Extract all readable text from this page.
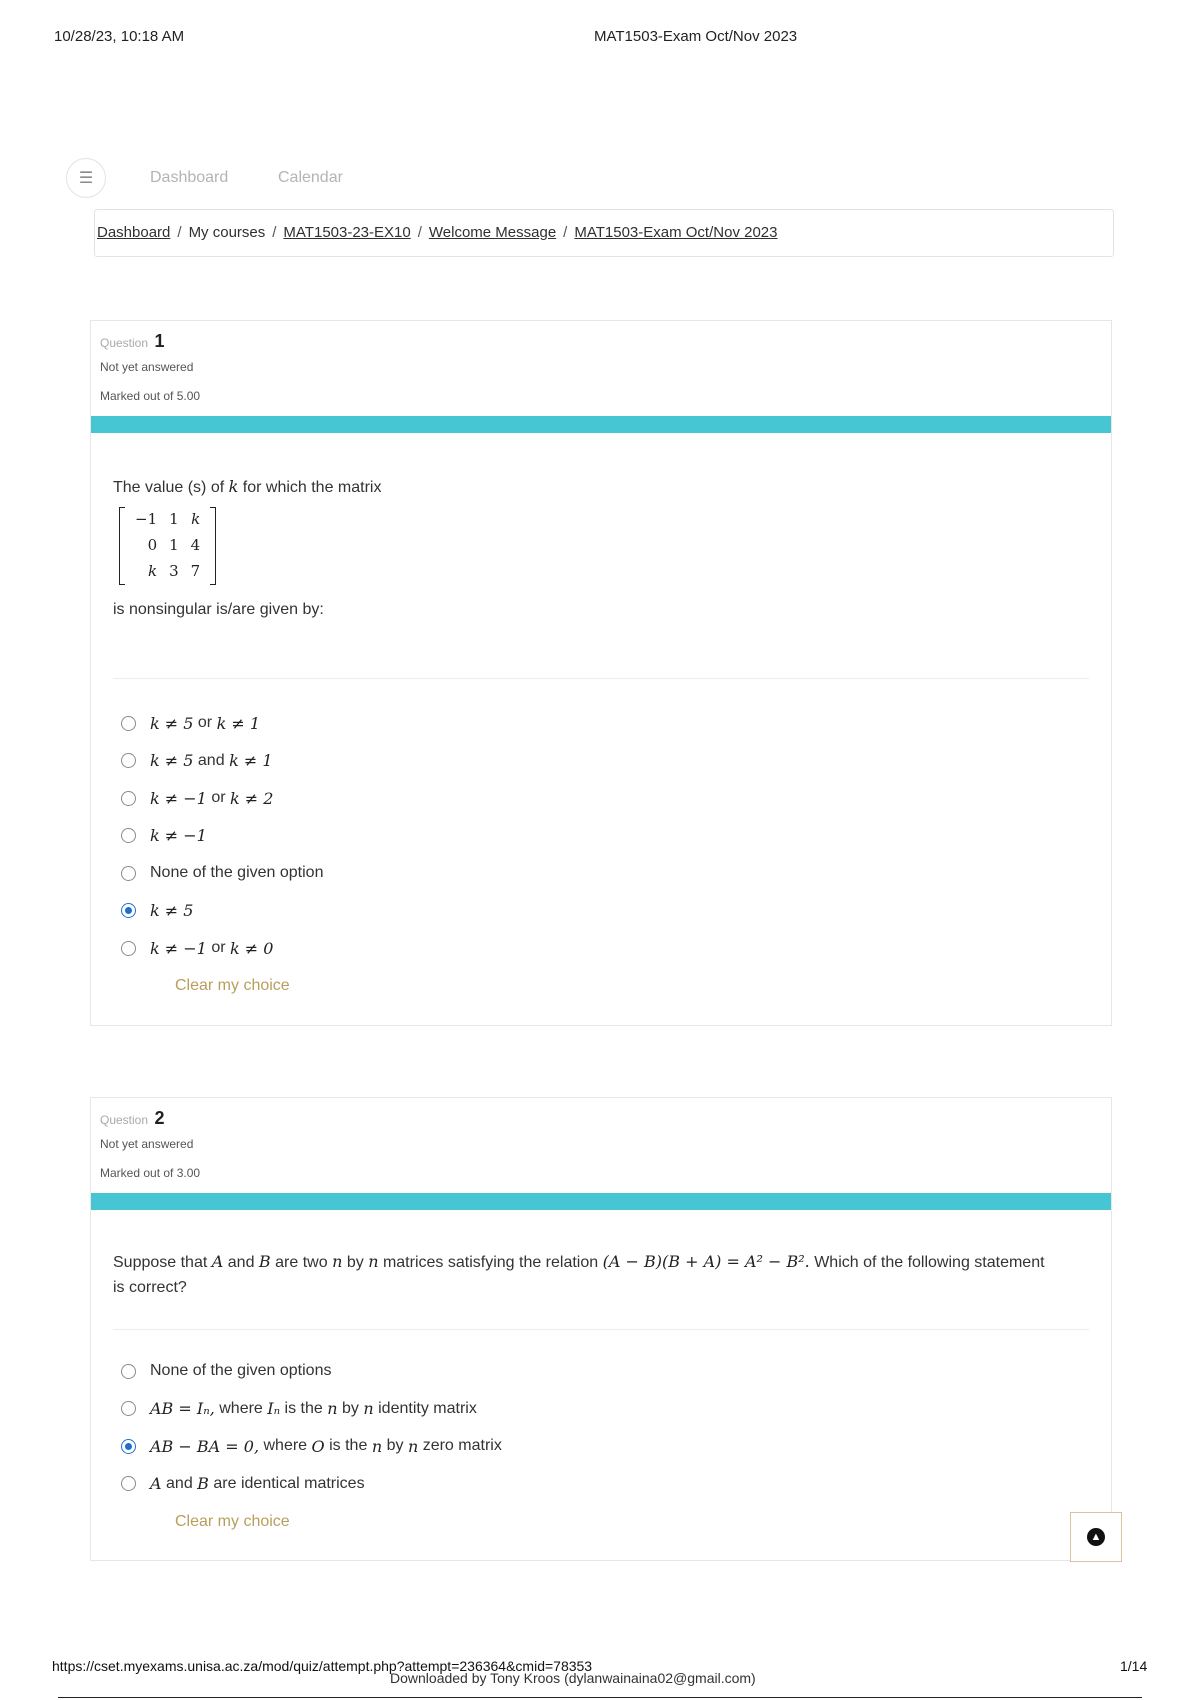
10/28/23, 10:18 AM	MAT1503-Exam Oct/Nov 2023
☰	Dashboard	Calendar
Dashboard / My courses / MAT1503-23-EX10 / Welcome Message / MAT1503-Exam Oct/Nov 2023
Question 1
Not yet answered
Marked out of 5.00
The value (s) of k for which the matrix
−1	1	k
0	1	4
k	3	7
is nonsingular is/are given by:
k ≠ 5
or
k ≠ 1
k ≠ 5
and
k ≠ 1
k ≠ −1
or
k ≠ 2
k ≠ −1
None of the given option
k ≠ 5
k ≠ −1
or
k ≠ 0
Clear my choice
Question 2
Not yet answered
Marked out of 3.00
Suppose that A and B are two n by n matrices satisfying the relation (A − B)(B + A) = A² − B². Which of the following statement is correct?
None of the given options
AB = Iₙ,
where
Iₙ
is the
n
by
n
identity matrix
AB − BA = 0,
where
O
is the
n
by
n
zero matrix
A
and
B
are identical matrices
Clear my choice
▲
https://cset.myexams.unisa.ac.za/mod/quiz/attempt.php?attempt=236364&cmid=78353	1/14
Downloaded by Tony Kroos (dylanwainaina02@gmail.com)
